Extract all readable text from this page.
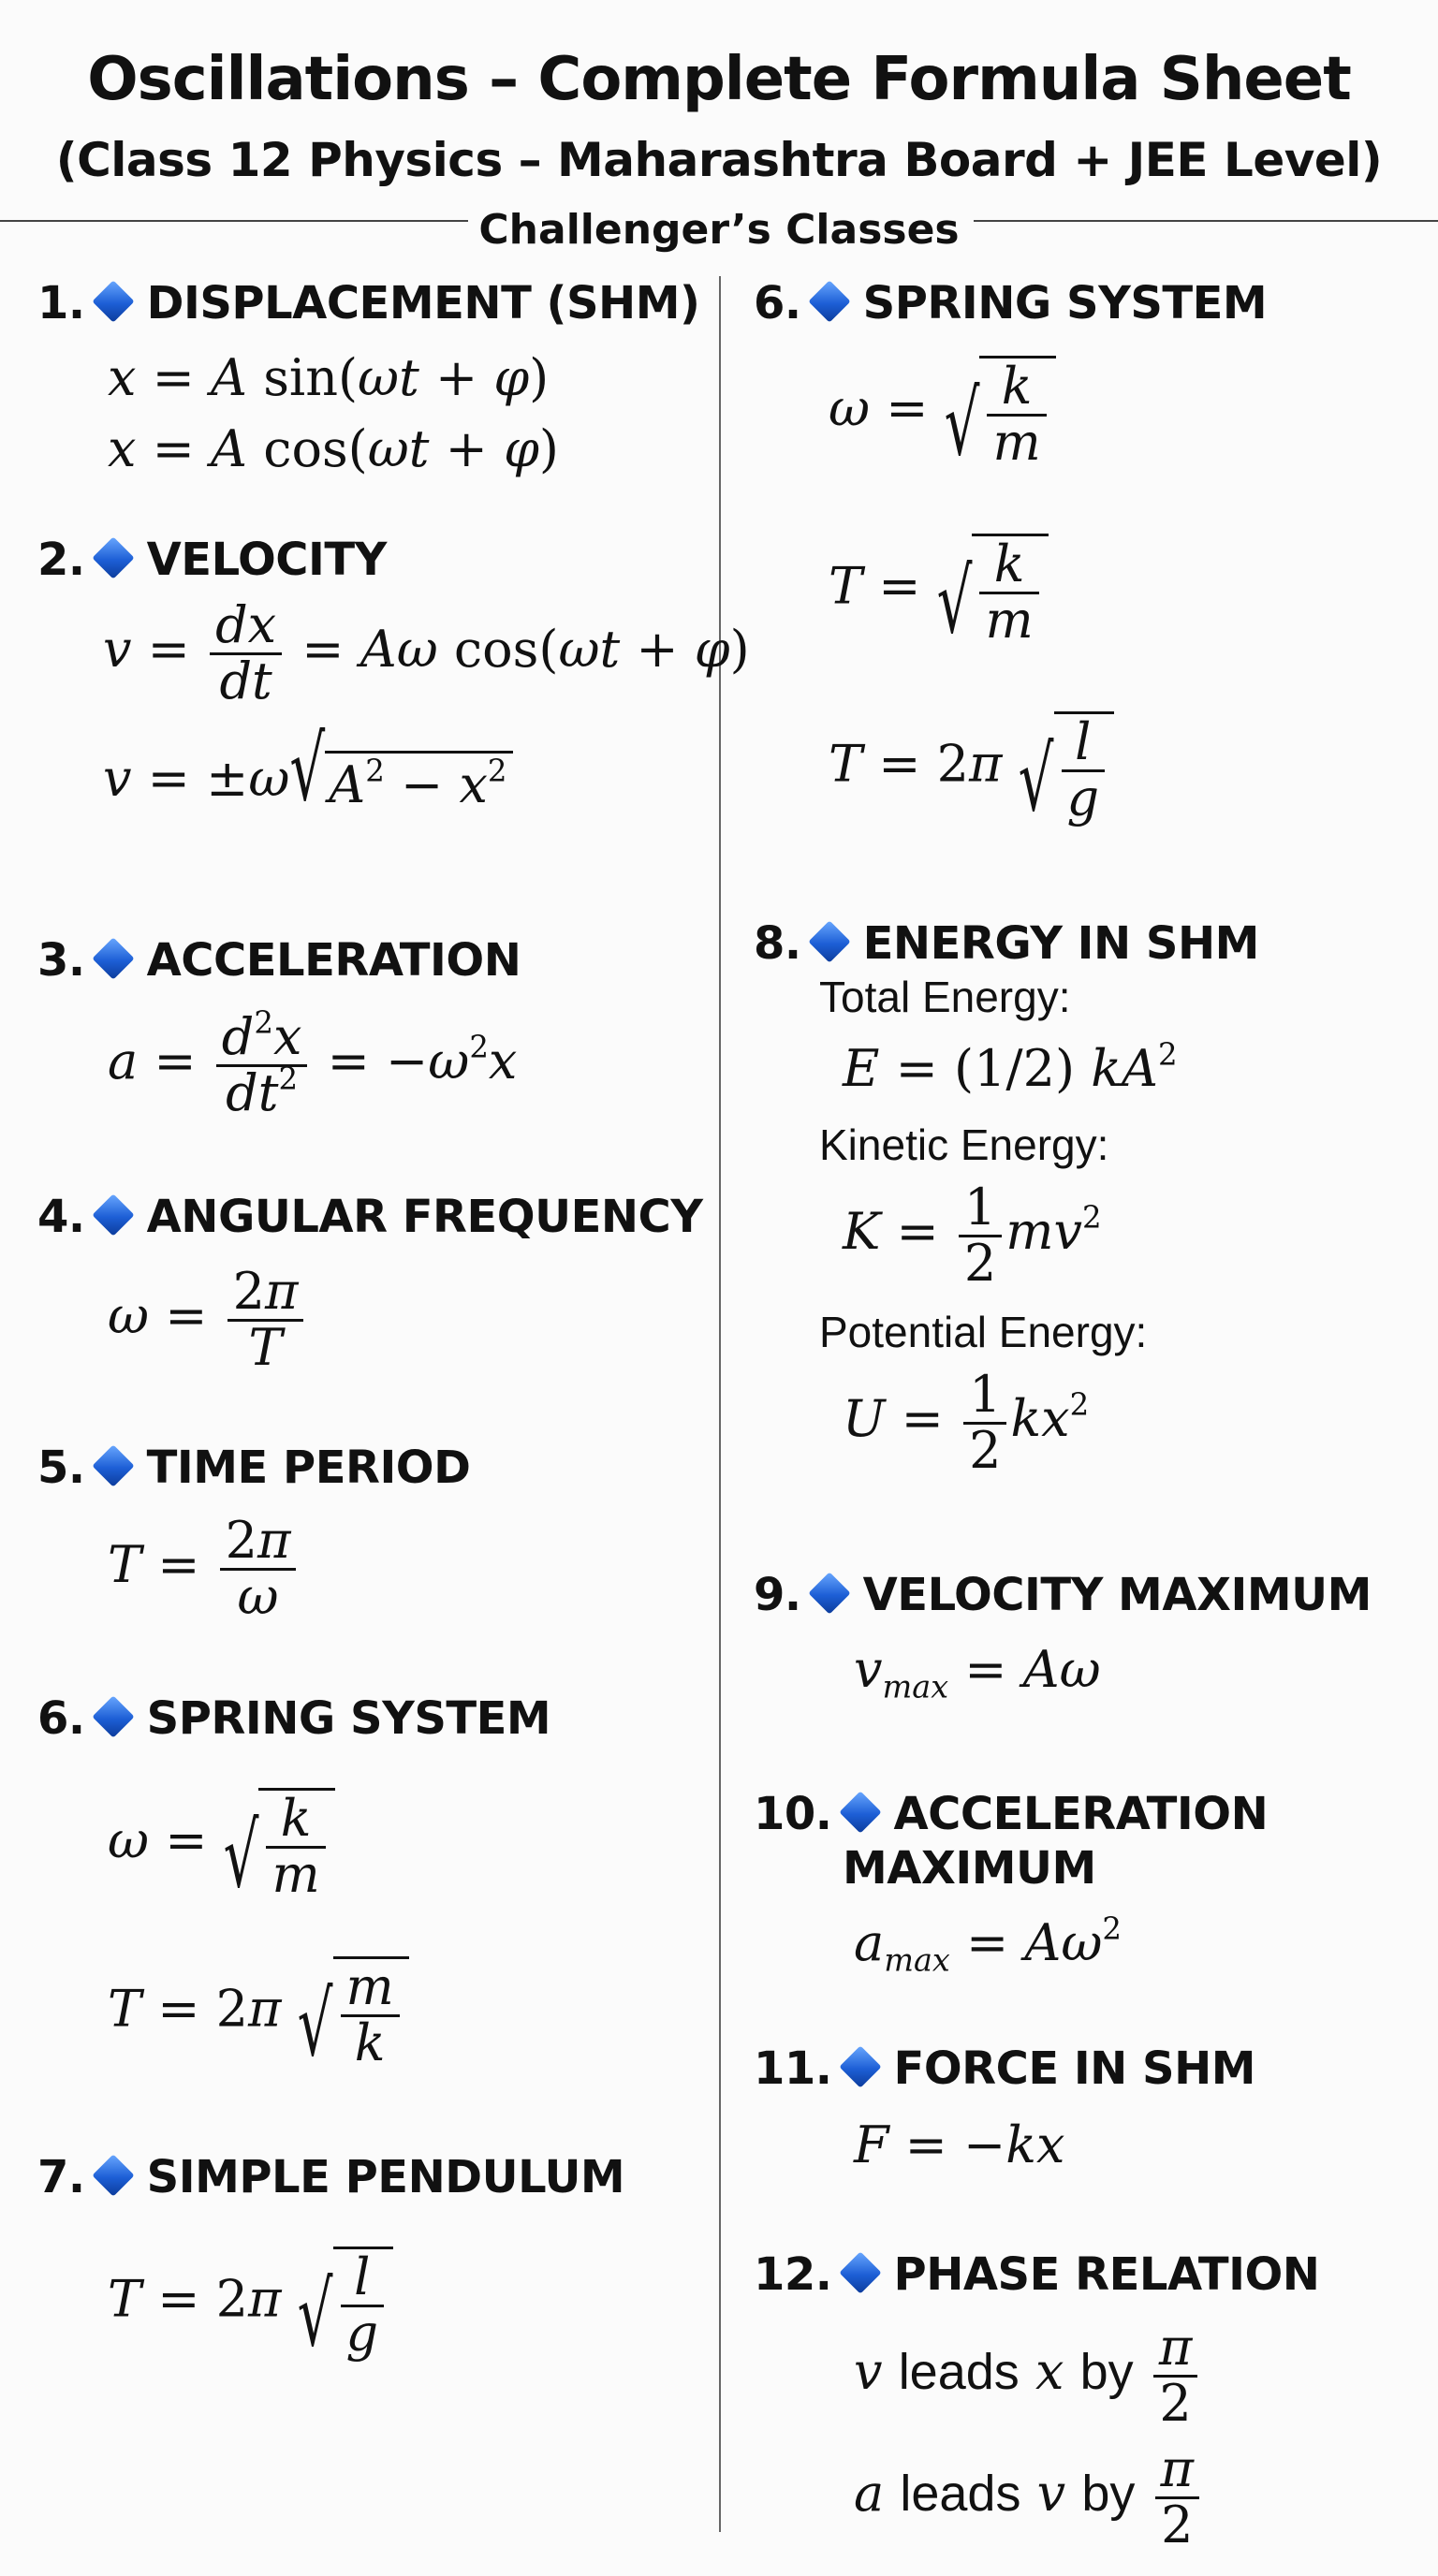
Oscillations – Complete Formula Sheet
(Class 12 Physics – Maharashtra Board + JEE Level)
Challenger’s Classes
1. DISPLACEMENT (SHM)
x = A sin(ωt + φ)
x = A cos(ωt + φ)
2. VELOCITY
$v = \frac{dx}{dt} = A\omega$ cos(ωt + φ)
v = ±ω √ $A^2 - x^2$
3. ACCELERATION
$a = \frac{d^2x}{dt^2} = -\omega^2x$
4. ANGULAR FREQUENCY
$\omega = \frac{2\pi}{T}$
5. TIME PERIOD
$T = \frac{2\pi}{\omega}$
6. SPRING SYSTEM
ω = √ $\frac{k}{m}$
T = 2π √ $\frac{m}{k}$
7. SIMPLE PENDULUM
T = 2π √ $\frac{l}{g}$
6. SPRING SYSTEM
ω = √ $\frac{k}{m}$
T = √ $\frac{k}{m}$
T = 2π √ $\frac{l}{g}$
8. ENERGY IN SHM
Total Energy:
E = (1/2) $kA^2$
Kinetic Energy:
$K = \frac{1}{2} mv^2$
Potential Energy:
$U = \frac{1}{2} kx^2$
9. VELOCITY MAXIMUM
$v_{max} = A\omega$
10. ACCELERATION
MAXIMUM
$a_{max} = A\omega^2$
11. FORCE IN SHM
F = −kx
12. PHASE RELATION
v leads x by $\frac{\pi}{2}$
a leads v by $\frac{\pi}{2}$
